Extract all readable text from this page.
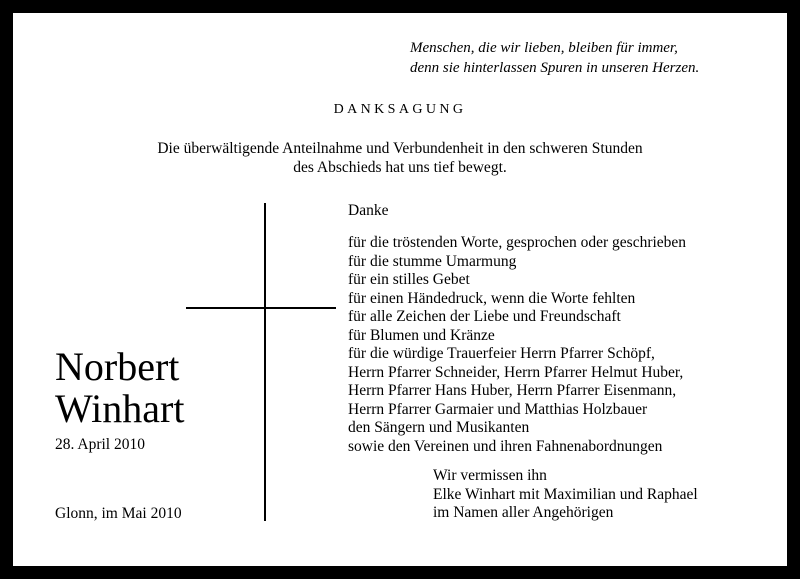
Menschen, die wir lieben, bleiben für immer,
denn sie hinterlassen Spuren in unseren Herzen.
DANKSAGUNG
Die überwältigende Anteilnahme und Verbundenheit in den schweren Stunden
des Abschieds hat uns tief bewegt.
Danke
für die tröstenden Worte, gesprochen oder geschrieben
für die stumme Umarmung
für ein stilles Gebet
für einen Händedruck, wenn die Worte fehlten
für alle Zeichen der Liebe und Freundschaft
für Blumen und Kränze
für die würdige Trauerfeier Herrn Pfarrer Schöpf,
Herrn Pfarrer Schneider, Herrn Pfarrer Helmut Huber,
Herrn Pfarrer Hans Huber, Herrn Pfarrer Eisenmann,
Herrn Pfarrer Garmaier und Matthias Holzbauer
den Sängern und Musikanten
sowie den Vereinen und ihren Fahnenabordnungen
Wir vermissen ihn
Elke Winhart mit Maximilian und Raphael
im Namen aller Angehörigen
Norbert
Winhart
28. April 2010
Glonn, im Mai 2010
